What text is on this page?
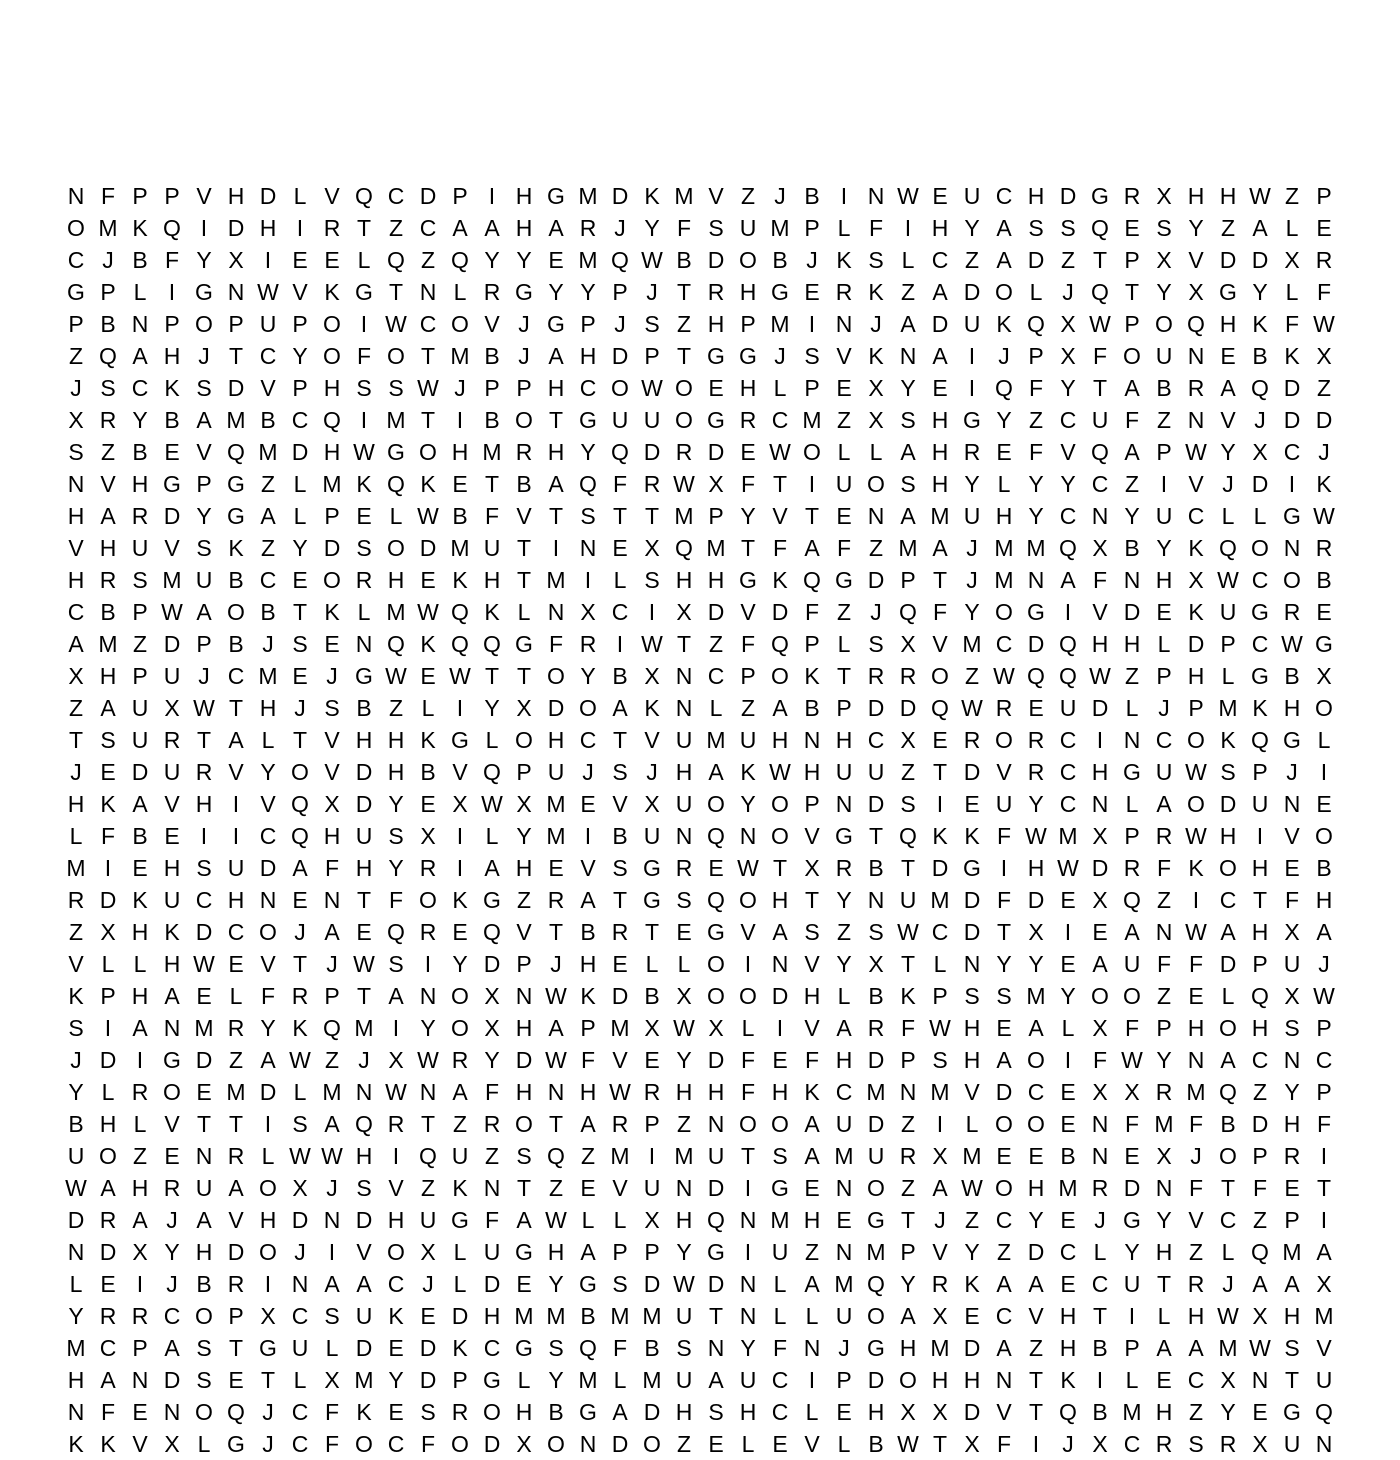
N F P P V H D L V Q C D P I H G M D K M V Z J B I N W E U C H D G R X H H W Z P
O M K Q I D H I R T Z C A A H A R J Y F S U M P L F I H Y A S S Q E S Y Z A L E
C J B F Y X I E E L Q Z Q Y Y E M Q W B D O B J K S L C Z A D Z T P X V D D X R
G P L I G N W V K G T N L R G Y Y P J T R H G E R K Z A D O L J Q T Y X G Y L F
P B N P O P U P O I W C O V J G P J S Z H P M I N J A D U K Q X W P O Q H K F W
Z Q A H J T C Y O F O T M B J A H D P T G G J S V K N A I	J P X F O U N E B K X
J S C K S D V P H S S W J P P H C O W O E H L P E X Y E I Q F Y T A B R A Q D Z
X R Y B A M B C Q I M T I B O T G U U O G R C M Z X S H G Y Z C U F Z N V J D D
S Z B E V Q M D H W G O H M R H Y Q D R D E W O L L A H R E F V Q A P W Y X C J
N V H G P G Z L M K Q K E T B A Q F R W X F T I U O S H Y L Y Y C Z I V J D I K
H A R D Y G A L P E L W B F V T S T T M P Y V T E N A M U H Y C N Y U C L L G W
V H U V S K Z Y D S O D M U T I N E X Q M T F A F Z M A J M M Q X B Y K Q O N R
H R S M U B C E O R H E K H T M I L S H H G K Q G D P T J M N A F N H X W C O B
C B P W A O B T K L M W Q K L N X C I X D V D F Z J Q F Y O G I V D E K U G R E
A M Z D P B J S E N Q K Q Q G F R I W T Z F Q P L S X V M C D Q H H L D P C W G
X H P U J C M E J G W E W T T O Y B X N C P O K T R R O Z W Q Q W Z P H L G B X
Z A U X W T H J S B Z L I Y X D O A K N L Z A B P D D Q W R E U D L J P M K H O
T S U R T A L T V H H K G L O H C T V U M U H N H C X E R O R C I N C O K Q G L
J E D U R V Y O V D H B V Q P U J S J H A K W H U U Z T D V R C H G U W S P J	I
H K A V H I V Q X D Y E X W X M E V X U O Y O P N D S I E U Y C N L A O D U N E
L F B E I	I C Q H U S X I L Y M I B U N Q N O V G T Q K K F W M X P R W H I V O
M I E H S U D A F H Y R I A H E V S G R E W T X R B T D G I H W D R F K O H E B
R D K U C H N E N T F O K G Z R A T G S Q O H T Y N U M D F D E X Q Z I C T F H
Z X H K D C O J A E Q R E Q V T B R T E G V A S Z S W C D T X I E A N W A H X A
V L L H W E V T J W S I Y D P J H E L L O I N V Y X T L N Y Y E A U F F D P U J
K P H A E L F R P T A N O X N W K D B X O O D H L B K P S S M Y O O Z E L Q X W
S I A N M R Y K Q M I Y O X H A P M X W X L I V A R F W H E A L X F P H O H S P
J D I G D Z A W Z J X W R Y D W F V E Y D F E F H D P S H A O I F W Y N A C N C
Y L R O E M D L M N W N A F H N H W R H H F H K C M N M V D C E X X R M Q Z Y P
B H L V T T I S A Q R T Z R O T A R P Z N O O A U D Z I L O O E N F M F B D H F
U O Z E N R L W W H I Q U Z S Q Z M I M U T S A M U R X M E E B N E X J O P R I
W A H R U A O X J S V Z K N T Z E V U N D I G E N O Z A W O H M R D N F T F E T
D R A J A V H D N D H U G F A W L L X H Q N M H E G T J Z C Y E J G Y V C Z P I
N D X Y H D O J	I V O X L U G H A P P Y G I U Z N M P V Y Z D C L Y H Z L Q M A
L E I	J B R I N A A C J L D E Y G S D W D N L A M Q Y R K A A E C U T R J A A X
Y R R C O P X C S U K E D H M M B M M U T N L L U O A X E C V H T I L H W X H M
M C P A S T G U L D E D K C G S Q F B S N Y F N J G H M D A Z H B P A A M W S V
H A N D S E T L X M Y D P G L Y M L M U A U C I P D O H H N T K I L E C X N T U
N F E N O Q J C F K E S R O H B G A D H S H C L E H X X D V T Q B M H Z Y E G Q
K K V X L G J C F O C F O D X O N D O Z E L E V L B W T X F I	J X C R S R X U N
